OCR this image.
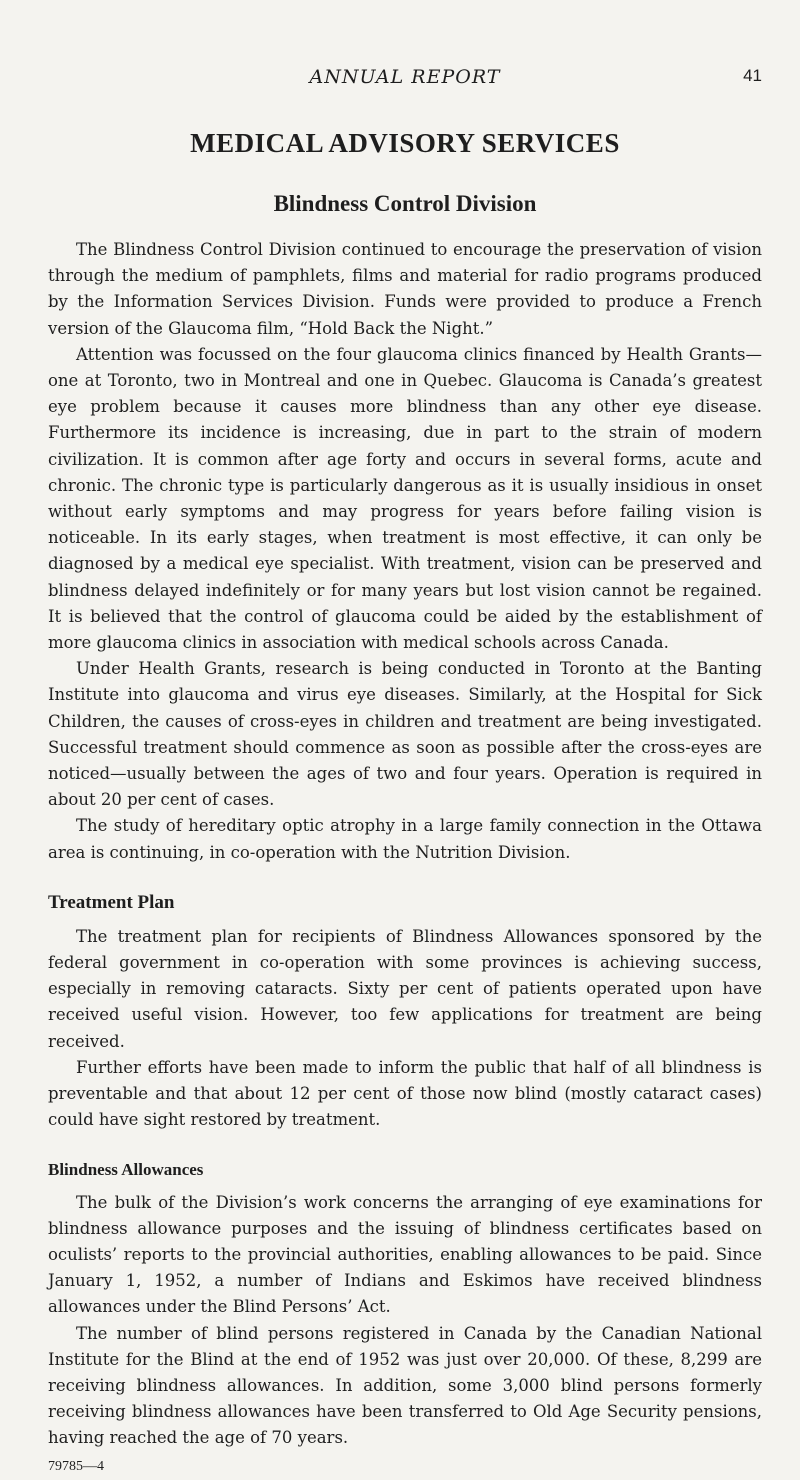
ANNUAL REPORT	41
MEDICAL ADVISORY SERVICES
Blindness Control Division

The Blindness Control Division continued to encourage the preservation of vision through the medium of pamphlets, films and material for radio programs produced by the Information Services Division. Funds were provided to produce a French version of the Glaucoma film, “Hold Back the Night.”

Attention was focussed on the four glaucoma clinics financed by Health Grants—one at Toronto, two in Montreal and one in Quebec. Glaucoma is Canada’s greatest eye problem because it causes more blindness than any other eye disease. Furthermore its incidence is increasing, due in part to the strain of modern civilization. It is common after age forty and occurs in several forms, acute and chronic. The chronic type is particularly dangerous as it is usually insidious in onset without early symptoms and may progress for years before failing vision is noticeable. In its early stages, when treatment is most effective, it can only be diagnosed by a medical eye specialist. With treatment, vision can be preserved and blindness delayed indefinitely or for many years but lost vision cannot be regained. It is believed that the control of glaucoma could be aided by the establishment of more glaucoma clinics in association with medical schools across Canada.

Under Health Grants, research is being conducted in Toronto at the Banting Institute into glaucoma and virus eye diseases. Similarly, at the Hospital for Sick Children, the causes of cross-eyes in children and treatment are being investigated. Successful treatment should commence as soon as possible after the cross-eyes are noticed—usually between the ages of two and four years. Operation is required in about 20 per cent of cases.

The study of hereditary optic atrophy in a large family connection in the Ottawa area is continuing, in co-operation with the Nutrition Division.

Treatment Plan

The treatment plan for recipients of Blindness Allowances sponsored by the federal government in co-operation with some provinces is achieving success, especially in removing cataracts. Sixty per cent of patients operated upon have received useful vision. However, too few applications for treatment are being received.

Further efforts have been made to inform the public that half of all blindness is preventable and that about 12 per cent of those now blind (mostly cataract cases) could have sight restored by treatment.

Blindness Allowances

The bulk of the Division’s work concerns the arranging of eye examinations for blindness allowance purposes and the issuing of blindness certificates based on oculists’ reports to the provincial authorities, enabling allowances to be paid. Since January 1, 1952, a number of Indians and Eskimos have received blindness allowances under the Blind Persons’ Act.

The number of blind persons registered in Canada by the Canadian National Institute for the Blind at the end of 1952 was just over 20,000. Of these, 8,299 are receiving blindness allowances. In addition, some 3,000 blind persons formerly receiving blindness allowances have been transferred to Old Age Security pensions, having reached the age of 70 years.

79785—4
